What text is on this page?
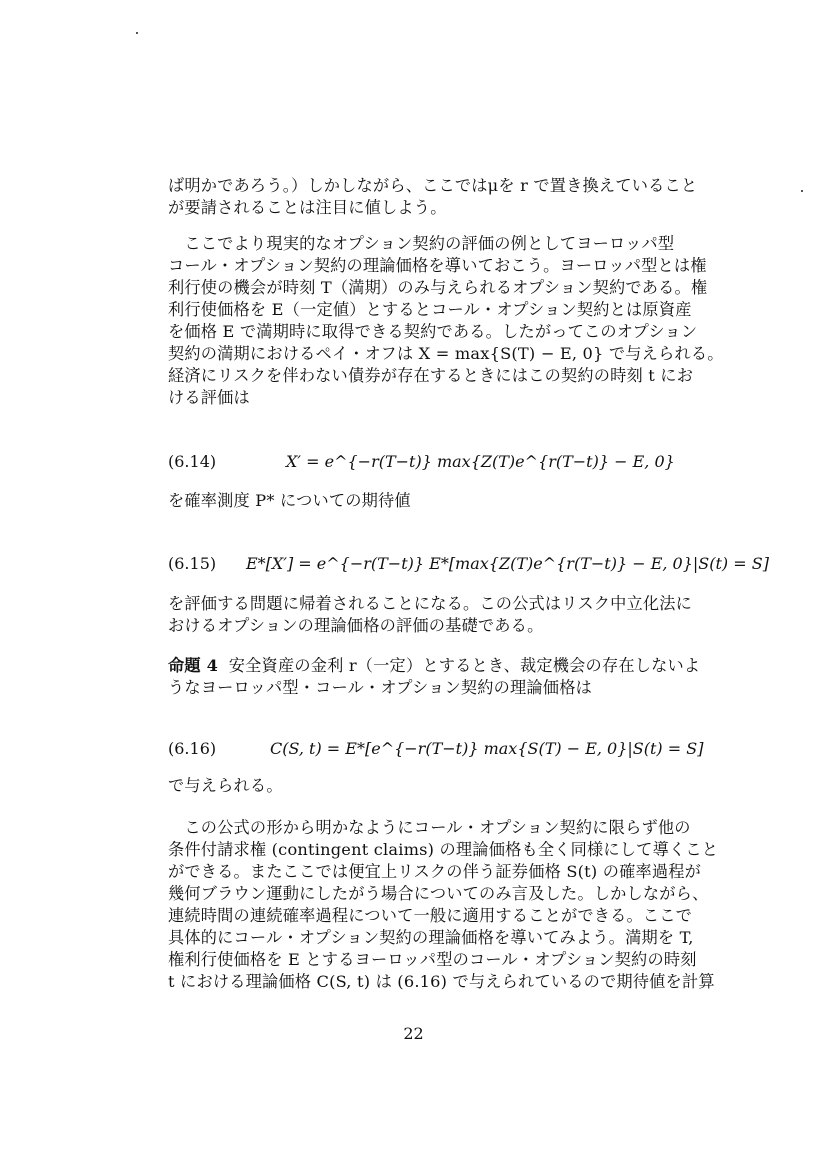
ば明かであろう。）しかしながら、ここではμを r で置き換えていること
が要請されることは注目に値しよう。
　ここでより現実的なオプション契約の評価の例としてヨーロッパ型
コール・オプション契約の理論価格を導いておこう。ヨーロッパ型とは権
利行使の機会が時刻 T（満期）のみ与えられるオプション契約である。権
利行使価格を E（一定値）とするとコール・オプション契約とは原資産
を価格 E で満期時に取得できる契約である。したがってこのオプション
契約の満期におけるペイ・オフは X = max{S(T) − E, 0} で与えられる。
経済にリスクを伴わない債券が存在するときにはこの契約の時刻 t にお
ける評価は
(6.14)	X′ = e^{−r(T−t)} max{Z(T)e^{r(T−t)} − E, 0}
を確率測度 P* についての期待値
(6.15) E*[X′] = e^{−r(T−t)} E*[max{Z(T)e^{r(T−t)} − E, 0}|S(t) = S]
を評価する問題に帰着されることになる。この公式はリスク中立化法に
おけるオプションの理論価格の評価の基礎である。
命題 4 安全資産の金利 r（一定）とするとき、裁定機会の存在しないよ
うなヨーロッパ型・コール・オプション契約の理論価格は
(6.16)	C(S, t) = E*[e^{−r(T−t)} max{S(T) − E, 0}|S(t) = S]
で与えられる。
　この公式の形から明かなようにコール・オプション契約に限らず他の
条件付請求権 (contingent claims) の理論価格も全く同様にして導くこと
ができる。またここでは便宜上リスクの伴う証券価格 S(t) の確率過程が
幾何ブラウン運動にしたがう場合についてのみ言及した。しかしながら、
連続時間の連続確率過程について一般に適用することができる。ここで
具体的にコール・オプション契約の理論価格を導いてみよう。満期を T,
権利行使価格を E とするヨーロッパ型のコール・オプション契約の時刻
t における理論価格 C(S, t) は (6.16) で与えられているので期待値を計算
22
